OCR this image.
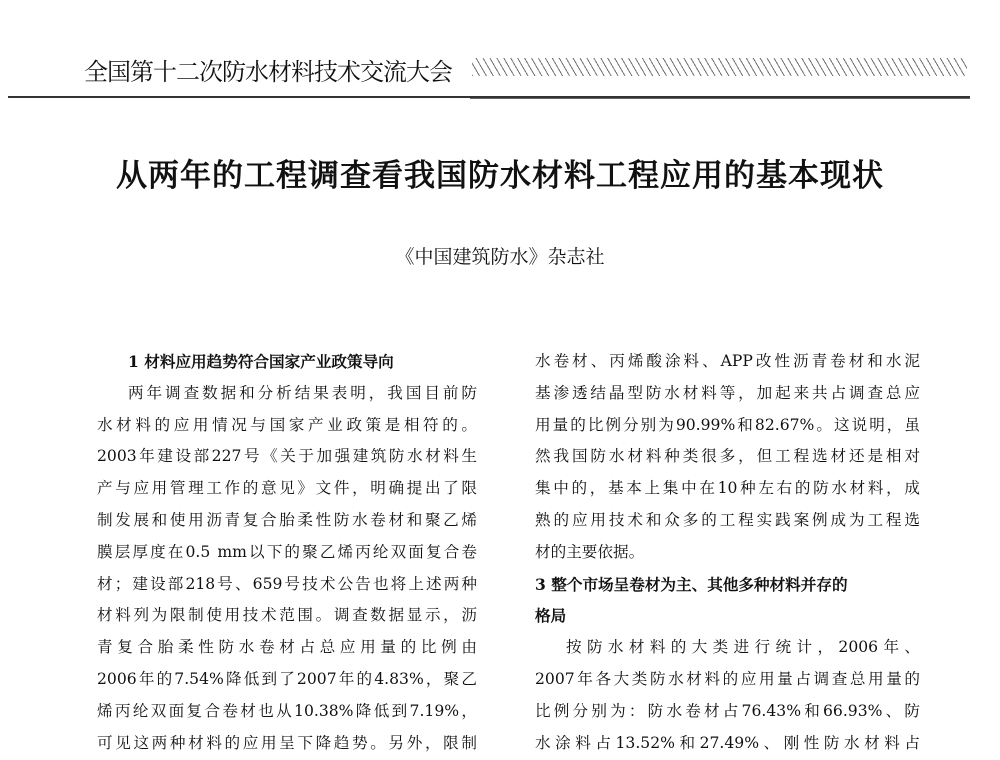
全国第十二次防水材料技术交流大会
从两年的工程调查看我国防水材料工程应用的基本现状
《中国建筑防水》杂志社
1 材料应用趋势符合国家产业政策导向
两年调查数据和分析结果表明，我国目前防
水材料的应用情况与国家产业政策是相符的。
2003年建设部227号《关于加强建筑防水材料生
产与应用管理工作的意见》文件，明确提出了限
制发展和使用沥青复合胎柔性防水卷材和聚乙烯
膜层厚度在0.5 mm以下的聚乙烯丙纶双面复合卷
材；建设部218号、659号技术公告也将上述两种
材料列为限制使用技术范围。调查数据显示，沥
青复合胎柔性防水卷材占总应用量的比例由
2006年的7.54%降低到了2007年的4.83%，聚乙
烯丙纶双面复合卷材也从10.38%降低到7.19%，
可见这两种材料的应用呈下降趋势。另外，限制
水卷材、丙烯酸涂料、APP改性沥青卷材和水泥
基渗透结晶型防水材料等，加起来共占调查总应
用量的比例分别为90.99%和82.67%。这说明，虽
然我国防水材料种类很多，但工程选材还是相对
集中的，基本上集中在10种左右的防水材料，成
熟的应用技术和众多的工程实践案例成为工程选
材的主要依据。
3 整个市场呈卷材为主、其他多种材料并存的
格局
按防水材料的大类进行统计，2006年、
2007年各大类防水材料的应用量占调查总用量的
比例分别为：防水卷材占76.43%和66.93%、防
水涂料占13.52%和27.49%、刚性防水材料占
